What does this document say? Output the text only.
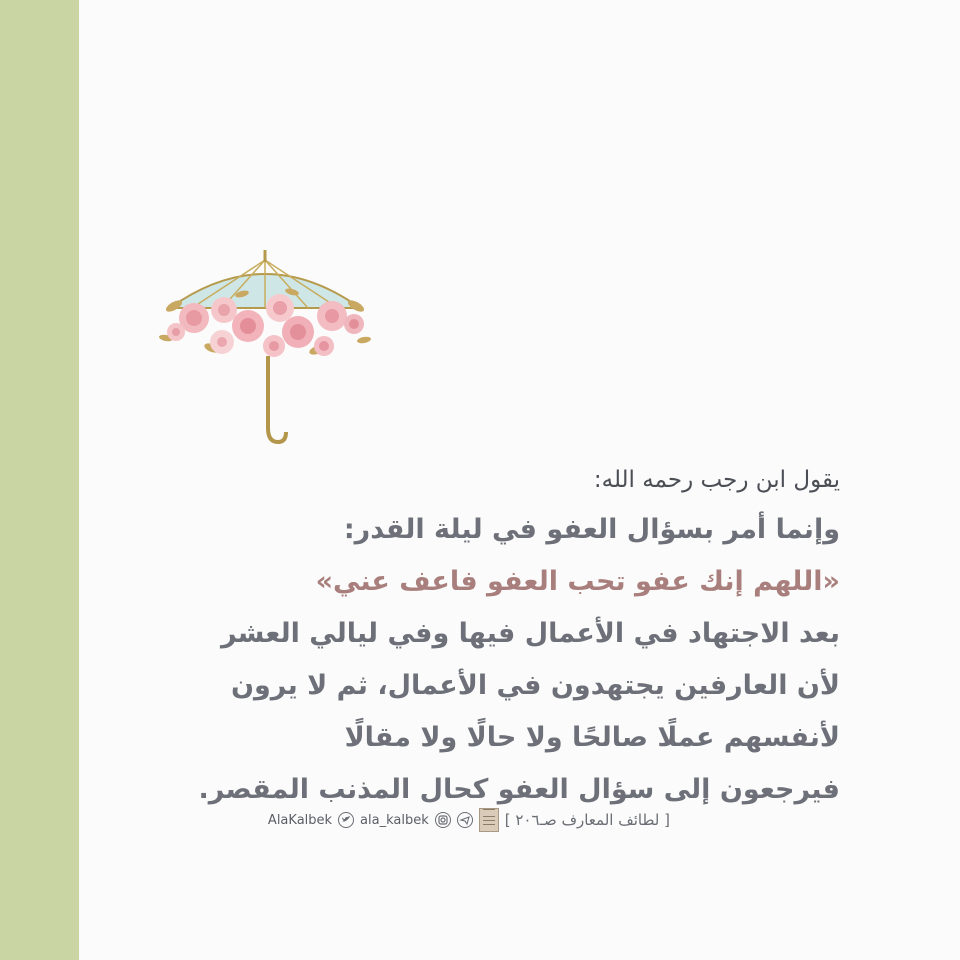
يقول ابن رجب رحمه الله:

وإنما أمر بسؤال العفو في ليلة القدر:

«اللهم إنك عفو تحب العفو فاعف عني»

بعد الاجتهاد في الأعمال فيها وفي ليالي العشر

لأن العارفين يجتهدون في الأعمال، ثم لا يرون

لأنفسهم عملًا صالحًا ولا حالًا ولا مقالًا

فيرجعون إلى سؤال العفو كحال المذنب المقصر.

AlaKalbek ala_kalbek	[ لطائف المعارف صـ٢٠٦ ]
